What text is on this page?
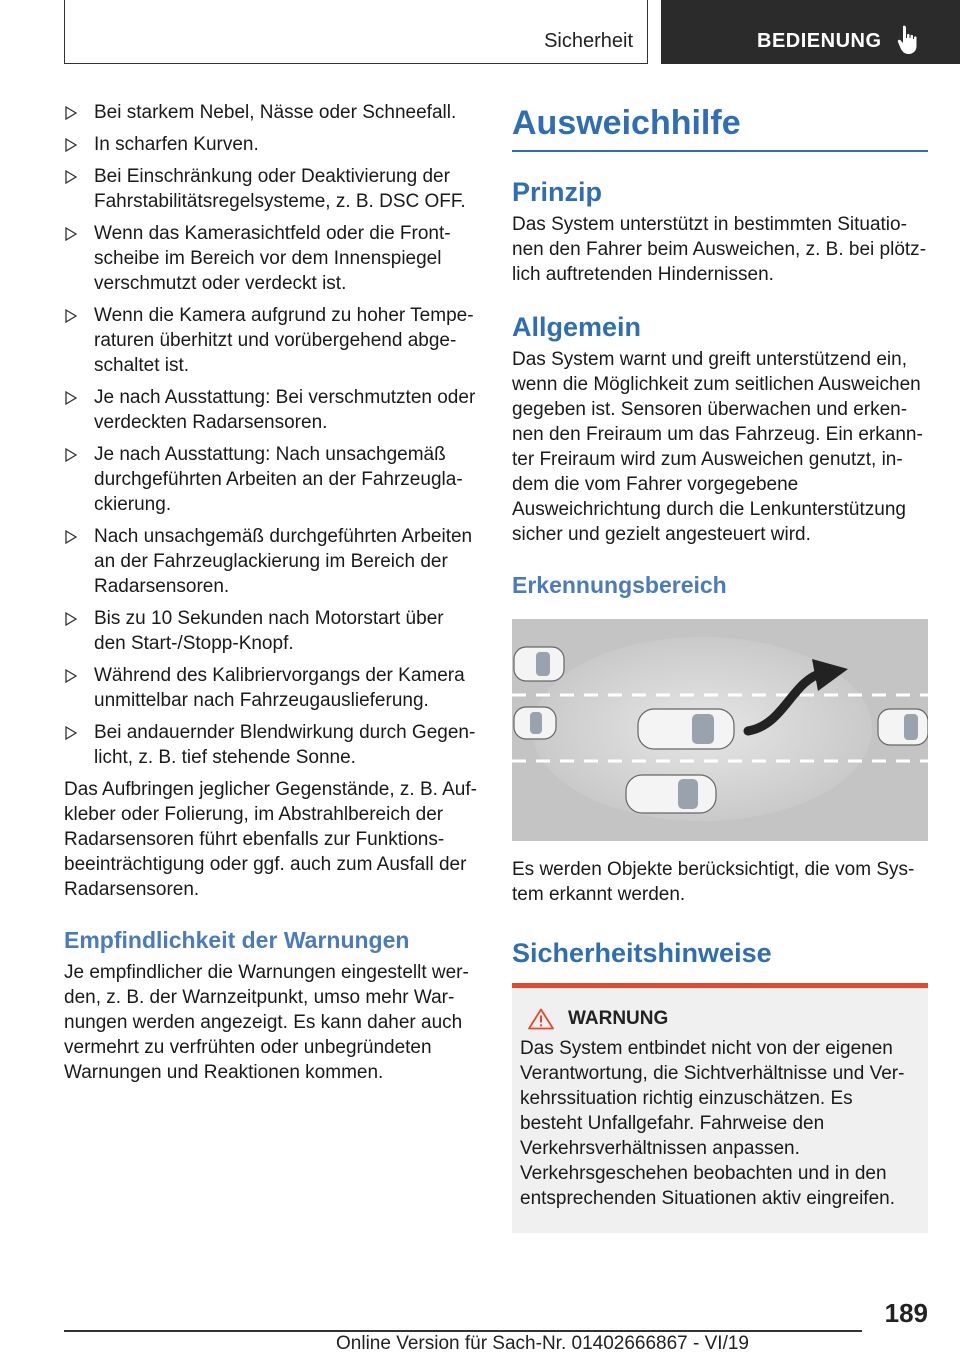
Sicherheit	BEDIENUNG
Bei starkem Nebel, Nässe oder Schneefall.
In scharfen Kurven.
Bei Einschränkung oder Deaktivierung der Fahrstabilitätsregelsysteme, z. B. DSC OFF.
Wenn das Kamerasichtfeld oder die Frontscheibe im Bereich vor dem Innenspiegel verschmutzt oder verdeckt ist.
Wenn die Kamera aufgrund zu hoher Temperaturen überhitzt und vorübergehend abgeschaltet ist.
Je nach Ausstattung: Bei verschmutzten oder verdeckten Radarsensoren.
Je nach Ausstattung: Nach unsachgemäß durchgeführten Arbeiten an der Fahrzeuglackierung.
Nach unsachgemäß durchgeführten Arbeiten an der Fahrzeuglackierung im Bereich der Radarsensoren.
Bis zu 10 Sekunden nach Motorstart über den Start-/Stopp-Knopf.
Während des Kalibriervorgangs der Kamera unmittelbar nach Fahrzeugauslieferung.
Bei andauernder Blendwirkung durch Gegenlicht, z. B. tief stehende Sonne.

Das Aufbringen jeglicher Gegenstände, z. B. Aufkleber oder Folierung, im Abstrahlbereich der Radarsensoren führt ebenfalls zur Funktionsbeeinträchtigung oder ggf. auch zum Ausfall der Radarsensoren.

Empfindlichkeit der Warnungen

Je empfindlicher die Warnungen eingestellt werden, z. B. der Warnzeitpunkt, umso mehr Warnungen werden angezeigt. Es kann daher auch vermehrt zu verfrühten oder unbegründeten Warnungen und Reaktionen kommen.

Ausweichhilfe
Prinzip

Das System unterstützt in bestimmten Situationen den Fahrer beim Ausweichen, z. B. bei plötzlich auftretenden Hindernissen.

Allgemein

Das System warnt und greift unterstützend ein, wenn die Möglichkeit zum seitlichen Ausweichen gegeben ist. Sensoren überwachen und erkennen den Freiraum um das Fahrzeug. Ein erkannter Freiraum wird zum Ausweichen genutzt, indem die vom Fahrer vorgegebene Ausweichrichtung durch die Lenkunterstützung sicher und gezielt angesteuert wird.

Erkennungsbereich

Es werden Objekte berücksichtigt, die vom System erkannt werden.

Sicherheitshinweise
WARNUNG

Das System entbindet nicht von der eigenen Verantwortung, die Sichtverhältnisse und Verkehrssituation richtig einzuschätzen. Es besteht Unfallgefahr. Fahrweise den Verkehrsverhältnissen anpassen. Verkehrsgeschehen beobachten und in den entsprechenden Situationen aktiv eingreifen.

189
Online Version für Sach-Nr. 01402666867 - VI/19
